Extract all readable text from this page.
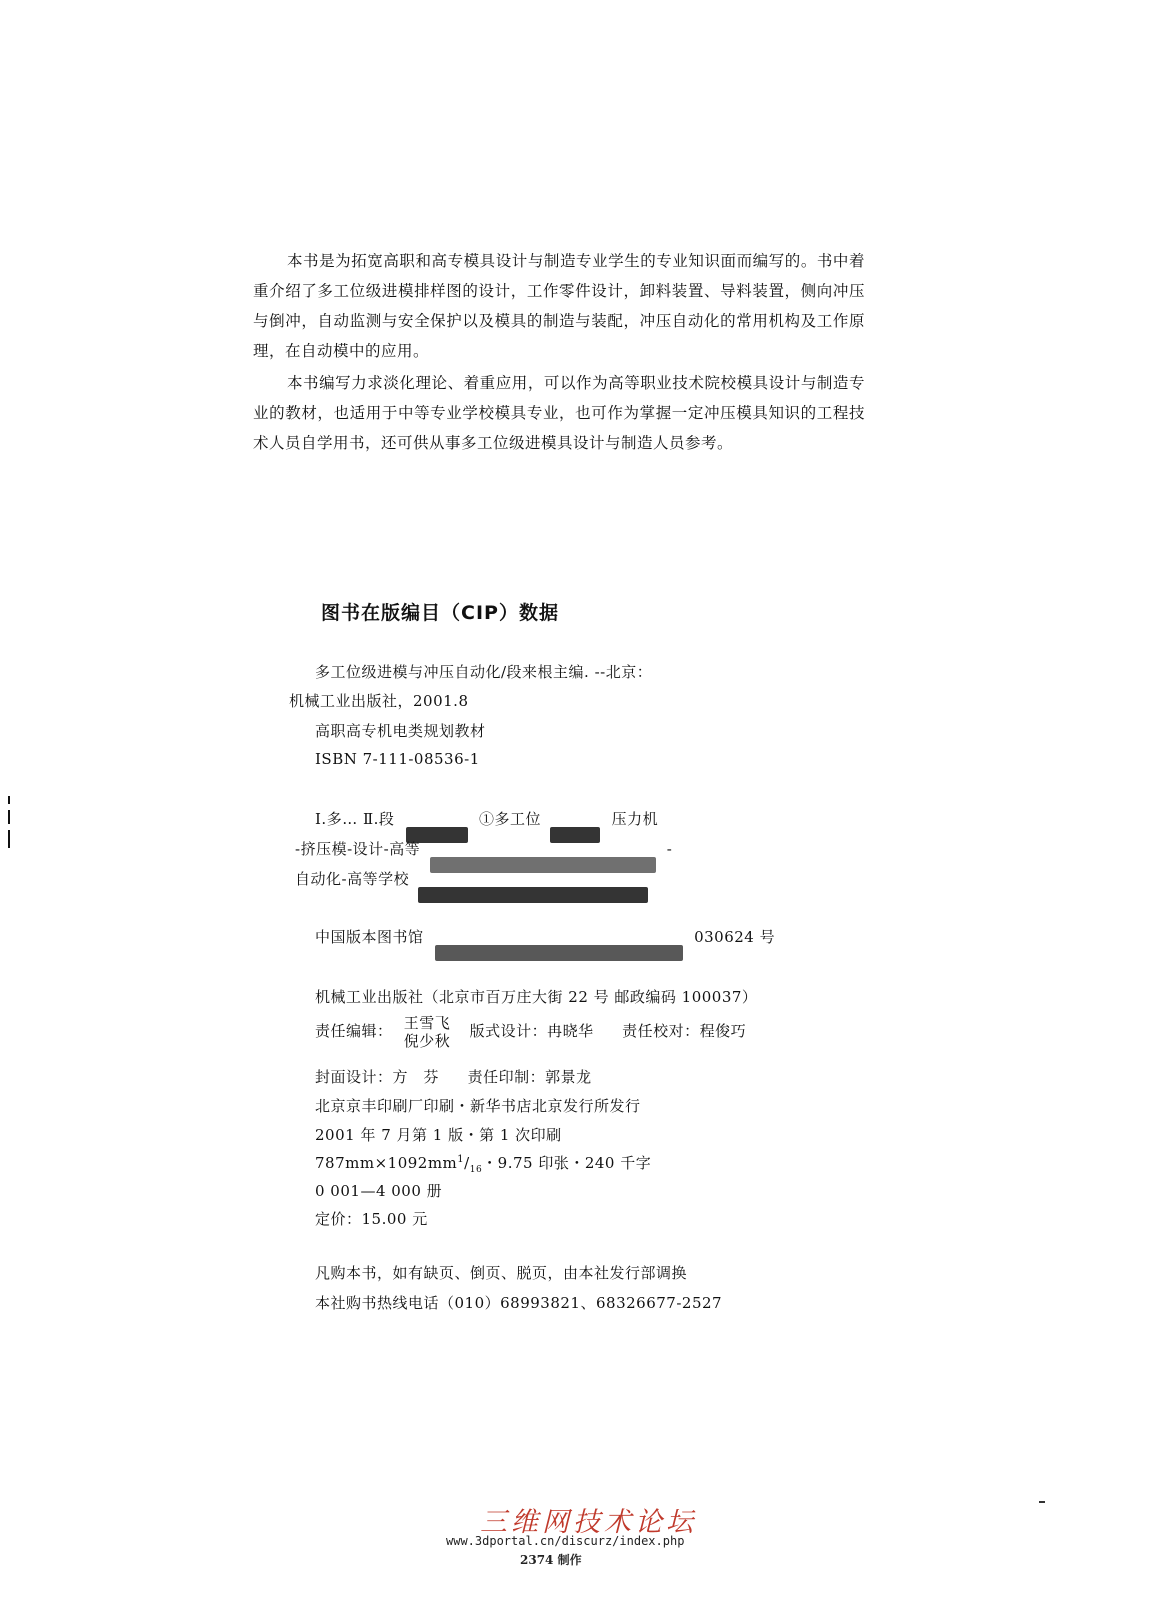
本书是为拓宽高职和高专模具设计与制造专业学生的专业知识面而编写的。书中着重介绍了多工位级进模排样图的设计，工作零件设计，卸料装置、导料装置，侧向冲压与倒冲，自动监测与安全保护以及模具的制造与装配，冲压自动化的常用机构及工作原理，在自动模中的应用。

本书编写力求淡化理论、着重应用，可以作为高等职业技术院校模具设计与制造专业的教材，也适用于中等专业学校模具专业，也可作为掌握一定冲压模具知识的工程技术人员自学用书，还可供从事多工位级进模具设计与制造人员参考。

图书在版编目（CIP）数据
多工位级进模与冲压自动化/段来根主编. --北京：
机械工业出版社，2001.8
高职高专机电类规划教材
ISBN 7-111-08536-1
Ⅰ.多… Ⅱ.段	①多工位	压力机
-挤压模-设计-高等	-
自动化-高等学校
中国版本图书馆	030624 号
机械工业出版社（北京市百万庄大街 22 号 邮政编码 100037）
责任编辑： 王雪飞
倪少秋
版式设计：冉晓华 责任校对：程俊巧
封面设计：方　芬 责任印制：郭景龙
北京京丰印刷厂印刷・新华书店北京发行所发行
2001 年 7 月第 1 版・第 1 次印刷
$787mm\times 1092mm^1/_{16}$・9.75 印张・240 千字
0 001—4 000 册
定价：15.00 元
凡购本书，如有缺页、倒页、脱页，由本社发行部调换
本社购书热线电话（010）68993821、68326677-2527
三维网技术论坛
www.3dportal.cn/discurz/index.php
2374 制作
